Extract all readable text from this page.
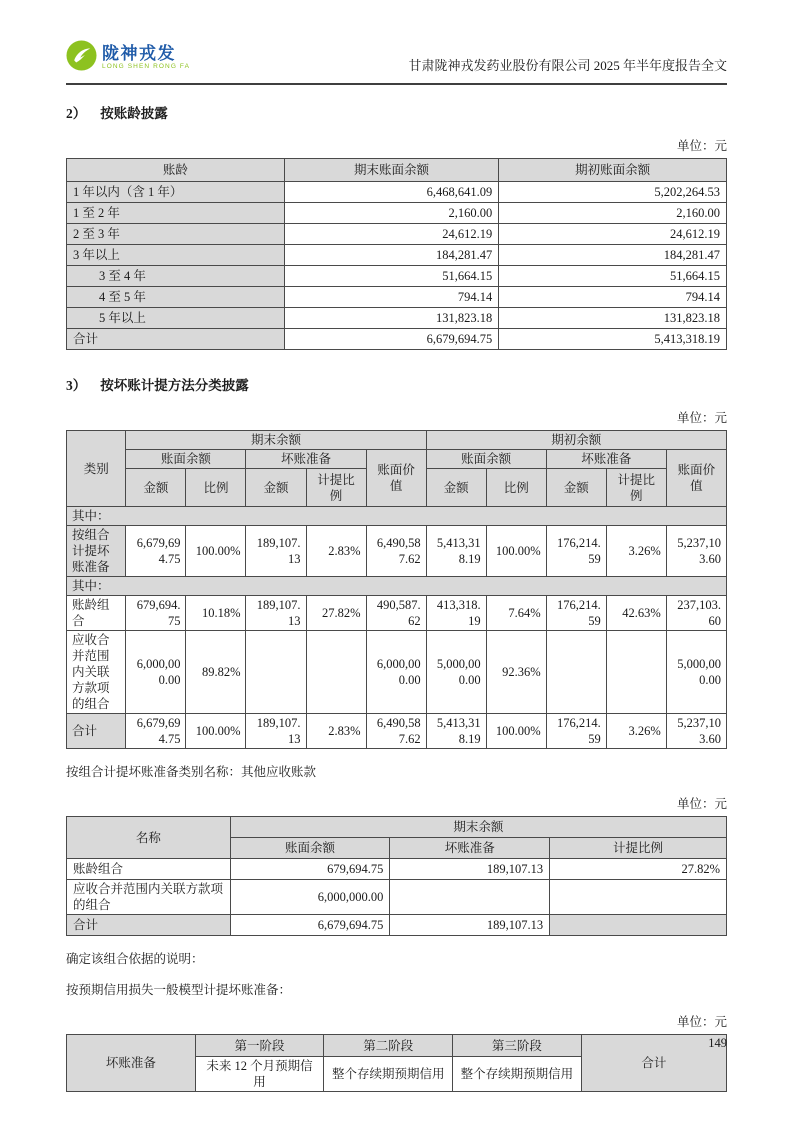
陇神戎发
LONG SHEN RONG FA	甘肃陇神戎发药业股份有限公司 2025 年半年度报告全文
2） 按账龄披露
单位：元
账龄	期末账面余额	期初账面余额
1 年以内（含 1 年）	6,468,641.09	5,202,264.53
1 至 2 年	2,160.00	2,160.00
2 至 3 年	24,612.19	24,612.19
3 年以上	184,281.47	184,281.47
3 至 4 年	51,664.15	51,664.15
4 至 5 年	794.14	794.14
5 年以上	131,823.18	131,823.18
合计	6,679,694.75	5,413,318.19
3） 按坏账计提方法分类披露
单位：元
类别	期末余额					期初余额				
	账面余额		坏账准备		账面价值	账面余额		坏账准备		账面价值
	金额	比例	金额	计提比例		金额	比例	金额	计提比例	
其中：										
按组合计提坏账准备	6,679,694.75	100.00%	189,107.13	2.83%	6,490,587.62	5,413,318.19	100.00%	176,214.59	3.26%	5,237,103.60
其中：										
账龄组合	679,694.75	10.18%	189,107.13	27.82%	490,587.62	413,318.19	7.64%	176,214.59	42.63%	237,103.60
应收合并范围内关联方款项的组合	6,000,000.00	89.82%			6,000,000.00	5,000,000.00	92.36%			5,000,000.00
合计	6,679,694.75	100.00%	189,107.13	2.83%	6,490,587.62	5,413,318.19	100.00%	176,214.59	3.26%	5,237,103.60
按组合计提坏账准备类别名称：其他应收账款
单位：元
名称	期末余额		
	账面余额	坏账准备	计提比例
账龄组合	679,694.75	189,107.13	27.82%
应收合并范围内关联方款项的组合	6,000,000.00		
合计	6,679,694.75	189,107.13	
确定该组合依据的说明：
按预期信用损失一般模型计提坏账准备：
单位：元
坏账准备	第一阶段	第二阶段	第三阶段	合计
	未来 12 个月预期信用	整个存续期预期信用	整个存续期预期信用	
149
